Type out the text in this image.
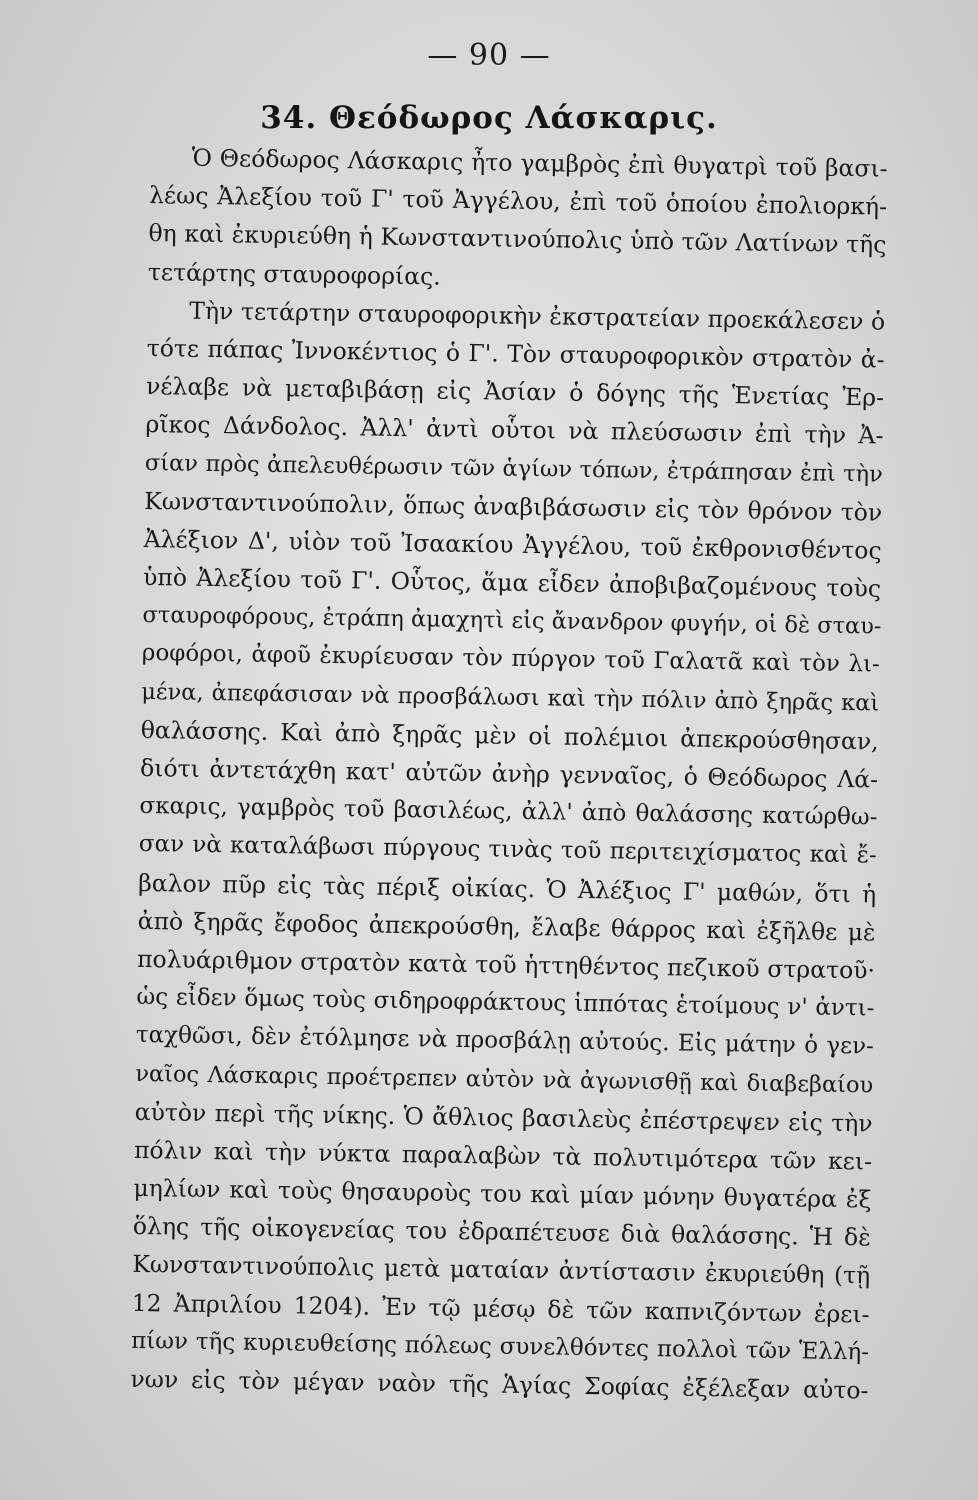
— 90 —
34. Θεόδωρος Λάσκαρις.
Ὁ Θεόδωρος Λάσκαρις ἦτο γαμβρὸς ἐπὶ θυγατρὶ τοῦ βασι-
λέως Ἀλεξίου τοῦ Γ' τοῦ Ἀγγέλου, ἐπὶ τοῦ ὁποίου ἐπολιορκή-
θη καὶ ἐκυριεύθη ἡ Κωνσταντινούπολις ὑπὸ τῶν Λατίνων τῆς
τετάρτης σταυροφορίας.
Τὴν τετάρτην σταυροφορικὴν ἐκστρατείαν προεκάλεσεν ὁ
τότε πάπας Ἰννοκέντιος ὁ Γ'. Τὸν σταυροφορικὸν στρατὸν ἀ-
νέλαβε νὰ μεταβιβάσῃ εἰς Ἀσίαν ὁ δόγης τῆς Ἑνετίας Ἐρ-
ρῖκος Δάνδολος. Ἀλλ' ἀντὶ οὗτοι νὰ πλεύσωσιν ἐπὶ τὴν Ἀ-
σίαν πρὸς ἀπελευθέρωσιν τῶν ἁγίων τόπων, ἐτράπησαν ἐπὶ τὴν
Κωνσταντινούπολιν, ὅπως ἀναβιβάσωσιν εἰς τὸν θρόνον τὸν
Ἀλέξιον Δ', υἱὸν τοῦ Ἰσαακίου Ἀγγέλου, τοῦ ἐκθρονισθέντος
ὑπὸ Ἀλεξίου τοῦ Γ'. Οὗτος, ἅμα εἶδεν ἀποβιβαζομένους τοὺς
σταυροφόρους, ἐτράπη ἀμαχητὶ εἰς ἄνανδρον φυγήν, οἱ δὲ σταυ-
ροφόροι, ἀφοῦ ἐκυρίευσαν τὸν πύργον τοῦ Γαλατᾶ καὶ τὸν λι-
μένα, ἀπεφάσισαν νὰ προσβάλωσι καὶ τὴν πόλιν ἀπὸ ξηρᾶς καὶ
θαλάσσης. Καὶ ἀπὸ ξηρᾶς μὲν οἱ πολέμιοι ἀπεκρούσθησαν,
διότι ἀντετάχθη κατ' αὐτῶν ἀνὴρ γενναῖος, ὁ Θεόδωρος Λά-
σκαρις, γαμβρὸς τοῦ βασιλέως, ἀλλ' ἀπὸ θαλάσσης κατώρθω-
σαν νὰ καταλάβωσι πύργους τινὰς τοῦ περιτειχίσματος καὶ ἔ-
βαλον πῦρ εἰς τὰς πέριξ οἰκίας. Ὁ Ἀλέξιος Γ' μαθών, ὅτι ἡ
ἀπὸ ξηρᾶς ἔφοδος ἀπεκρούσθη, ἔλαβε θάρρος καὶ ἐξῆλθε μὲ
πολυάριθμον στρατὸν κατὰ τοῦ ἡττηθέντος πεζικοῦ στρατοῦ·
ὡς εἶδεν ὅμως τοὺς σιδηροφράκτους ἱππότας ἑτοίμους ν' ἀντι-
ταχθῶσι, δὲν ἐτόλμησε νὰ προσβάλῃ αὐτούς. Εἰς μάτην ὁ γεν-
ναῖος Λάσκαρις προέτρεπεν αὐτὸν νὰ ἀγωνισθῇ καὶ διαβεβαίου
αὐτὸν περὶ τῆς νίκης. Ὁ ἄθλιος βασιλεὺς ἐπέστρεψεν εἰς τὴν
πόλιν καὶ τὴν νύκτα παραλαβὼν τὰ πολυτιμότερα τῶν κει-
μηλίων καὶ τοὺς θησαυροὺς του καὶ μίαν μόνην θυγατέρα ἐξ
ὅλης τῆς οἰκογενείας του ἐδραπέτευσε διὰ θαλάσσης. Ἡ δὲ
Κωνσταντινούπολις μετὰ ματαίαν ἀντίστασιν ἐκυριεύθη (τῇ
12 Ἀπριλίου 1204). Ἐν τῷ μέσῳ δὲ τῶν καπνιζόντων ἐρει-
πίων τῆς κυριευθείσης πόλεως συνελθόντες πολλοὶ τῶν Ἑλλή-
νων εἰς τὸν μέγαν ναὸν τῆς Ἁγίας Σοφίας ἐξέλεξαν αὐτο-
